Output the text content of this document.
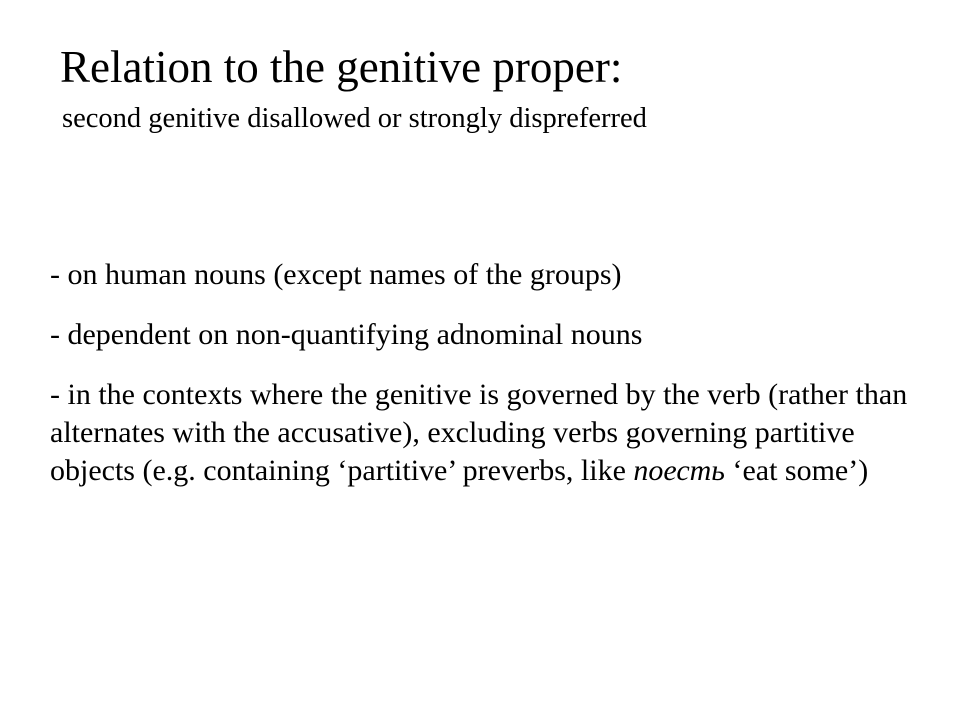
Relation to the genitive proper:
second genitive disallowed or strongly dispreferred
- on human nouns (except names of the groups)
- dependent on non-quantifying adnominal nouns
- in the contexts where the genitive is governed by the verb (rather than alternates with the accusative), excluding verbs governing partitive objects (e.g. containing ‘partitive’ preverbs, like поесть ‘eat some’)
